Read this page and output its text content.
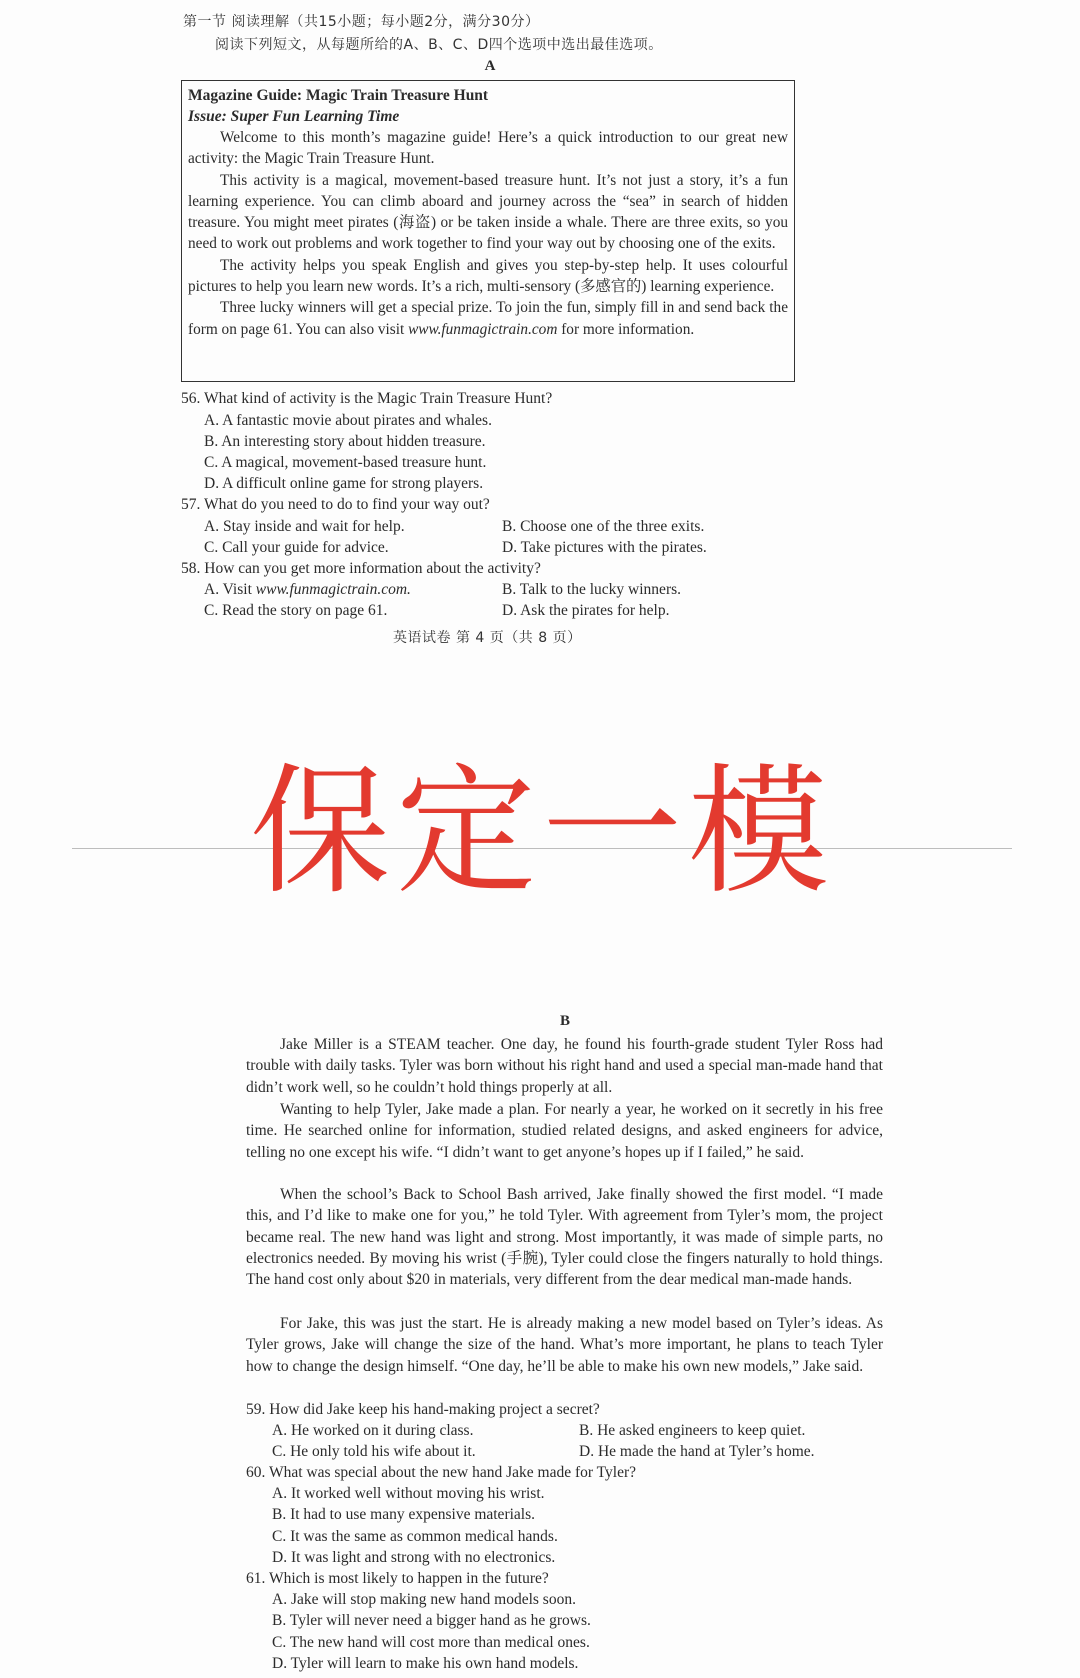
第一节 阅读理解（共15小题；每小题2分，满分30分）
阅读下列短文，从每题所给的A、B、C、D四个选项中选出最佳选项。
A
Magazine Guide: Magic Train Treasure Hunt
Issue: Super Fun Learning Time

Welcome to this month’s magazine guide! Here’s a quick introduction to our great new activity: the Magic Train Treasure Hunt.

This activity is a magical, movement-based treasure hunt. It’s not just a story, it’s a fun learning experience. You can climb aboard and journey across the “sea” in search of hidden treasure. You might meet pirates (海盗) or be taken inside a whale. There are three exits, so you need to work out problems and work together to find your way out by choosing one of the exits.

The activity helps you speak English and gives you step-by-step help. It uses colourful pictures to help you learn new words. It’s a rich, multi-sensory (多感官的) learning experience.

Three lucky winners will get a special prize. To join the fun, simply fill in and send back the form on page 61. You can also visit www.funmagictrain.com for more information.

56. What kind of activity is the Magic Train Treasure Hunt?
A. A fantastic movie about pirates and whales.
B. An interesting story about hidden treasure.
C. A magical, movement-based treasure hunt.
D. A difficult online game for strong players.
57. What do you need to do to find your way out?
A. Stay inside and wait for help.	B. Choose one of the three exits.
C. Call your guide for advice.	D. Take pictures with the pirates.
58. How can you get more information about the activity?
A. Visit www.funmagictrain.com.	B. Talk to the lucky winners.
C. Read the story on page 61.	D. Ask the pirates for help.
英语试卷 第 4 页（共 8 页）
保定一模
B
Jake Miller is a STEAM teacher. One day, he found his fourth-grade student Tyler Ross had trouble with daily tasks. Tyler was born without his right hand and used a special man-made hand that didn’t work well, so he couldn’t hold things properly at all.
Wanting to help Tyler, Jake made a plan. For nearly a year, he worked on it secretly in his free time. He searched online for information, studied related designs, and asked engineers for advice, telling no one except his wife. “I didn’t want to get anyone’s hopes up if I failed,” he said.
When the school’s Back to School Bash arrived, Jake finally showed the first model. “I made this, and I’d like to make one for you,” he told Tyler. With agreement from Tyler’s mom, the project became real. The new hand was light and strong. Most importantly, it was made of simple parts, no electronics needed. By moving his wrist (手腕), Tyler could close the fingers naturally to hold things. The hand cost only about $20 in materials, very different from the dear medical man-made hands.
For Jake, this was just the start. He is already making a new model based on Tyler’s ideas. As Tyler grows, Jake will change the size of the hand. What’s more important, he plans to teach Tyler how to change the design himself. “One day, he’ll be able to make his own new models,” Jake said.
59. How did Jake keep his hand-making project a secret?
A. He worked on it during class.	B. He asked engineers to keep quiet.
C. He only told his wife about it.	D. He made the hand at Tyler’s home.
60. What was special about the new hand Jake made for Tyler?
A. It worked well without moving his wrist.
B. It had to use many expensive materials.
C. It was the same as common medical hands.
D. It was light and strong with no electronics.
61. Which is most likely to happen in the future?
A. Jake will stop making new hand models soon.
B. Tyler will never need a bigger hand as he grows.
C. The new hand will cost more than medical ones.
D. Tyler will learn to make his own hand models.
